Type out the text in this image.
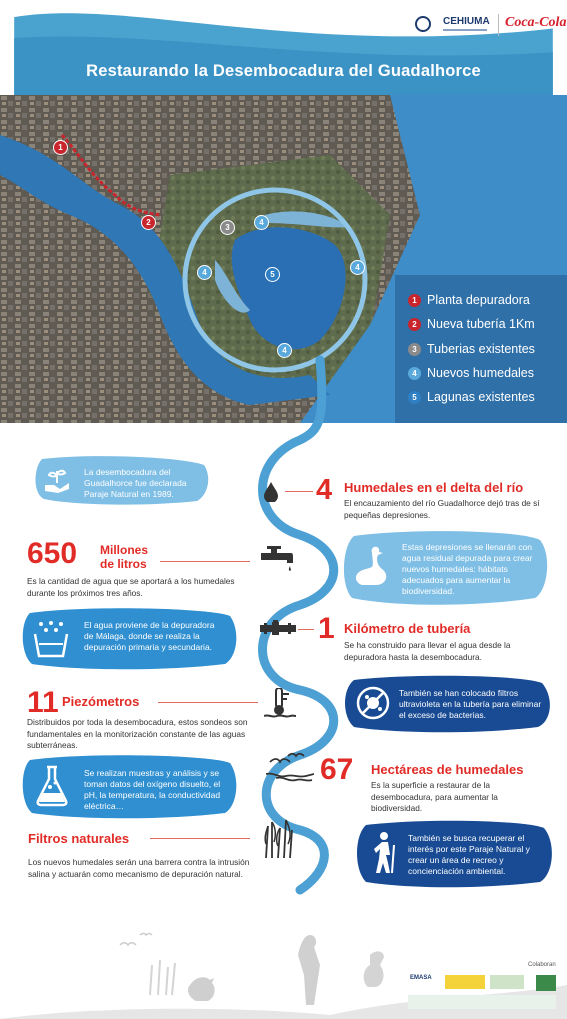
CEHIUMA Coca-Cola
Restaurando la Desembocadura del Guadalhorce
1
2
3
4
4
4
4
5
1 Planta depuradora
2 Nueva tubería 1Km
3 Tuberias existentes
4 Nuevos humedales
5 Lagunas existentes
La desembocadura del Guadalhorce fue declarada Paraje Natural en 1989.	4 Humedales en el delta del río
El encauzamiento del río Guadalhorce dejó tras de sí pequeñas depresiones.
650 Millones
de litros
Es la cantidad de agua que se aportará a los humedales durante los próximos tres años.
Estas depresiones se llenarán con agua residual depurada para crear nuevos humedales: hábitats adecuados para aumentar la biodiversidad.
El agua proviene de la depuradora de Málaga, donde se realiza la depuración primaria y secundaria.
1 Kilómetro de tubería
Se ha construido para llevar el agua desde la depuradora hasta la desembocadura.
11 Piezómetros
Distribuidos por toda la desembocadura, estos sondeos son fundamentales en la monitorización constante de las aguas subterráneas.
También se han colocado filtros ultravioleta en la tubería para eliminar el exceso de bacterias.
Se realizan muestras y análisis y se toman datos del oxígeno disuelto, el pH, la temperatura, la conductividad eléctrica…
67 Hectáreas de humedales
Es la superficie a restaurar de la desembocadura, para aumentar la biodiversidad.
Filtros naturales
Los nuevos humedales serán una barrera contra la intrusión salina y actuarán como mecanismo de depuración natural.
También se busca recuperar el interés por este Paraje Natural y crear un área de recreo y concienciación ambiental.
Colaboran
EMASA
